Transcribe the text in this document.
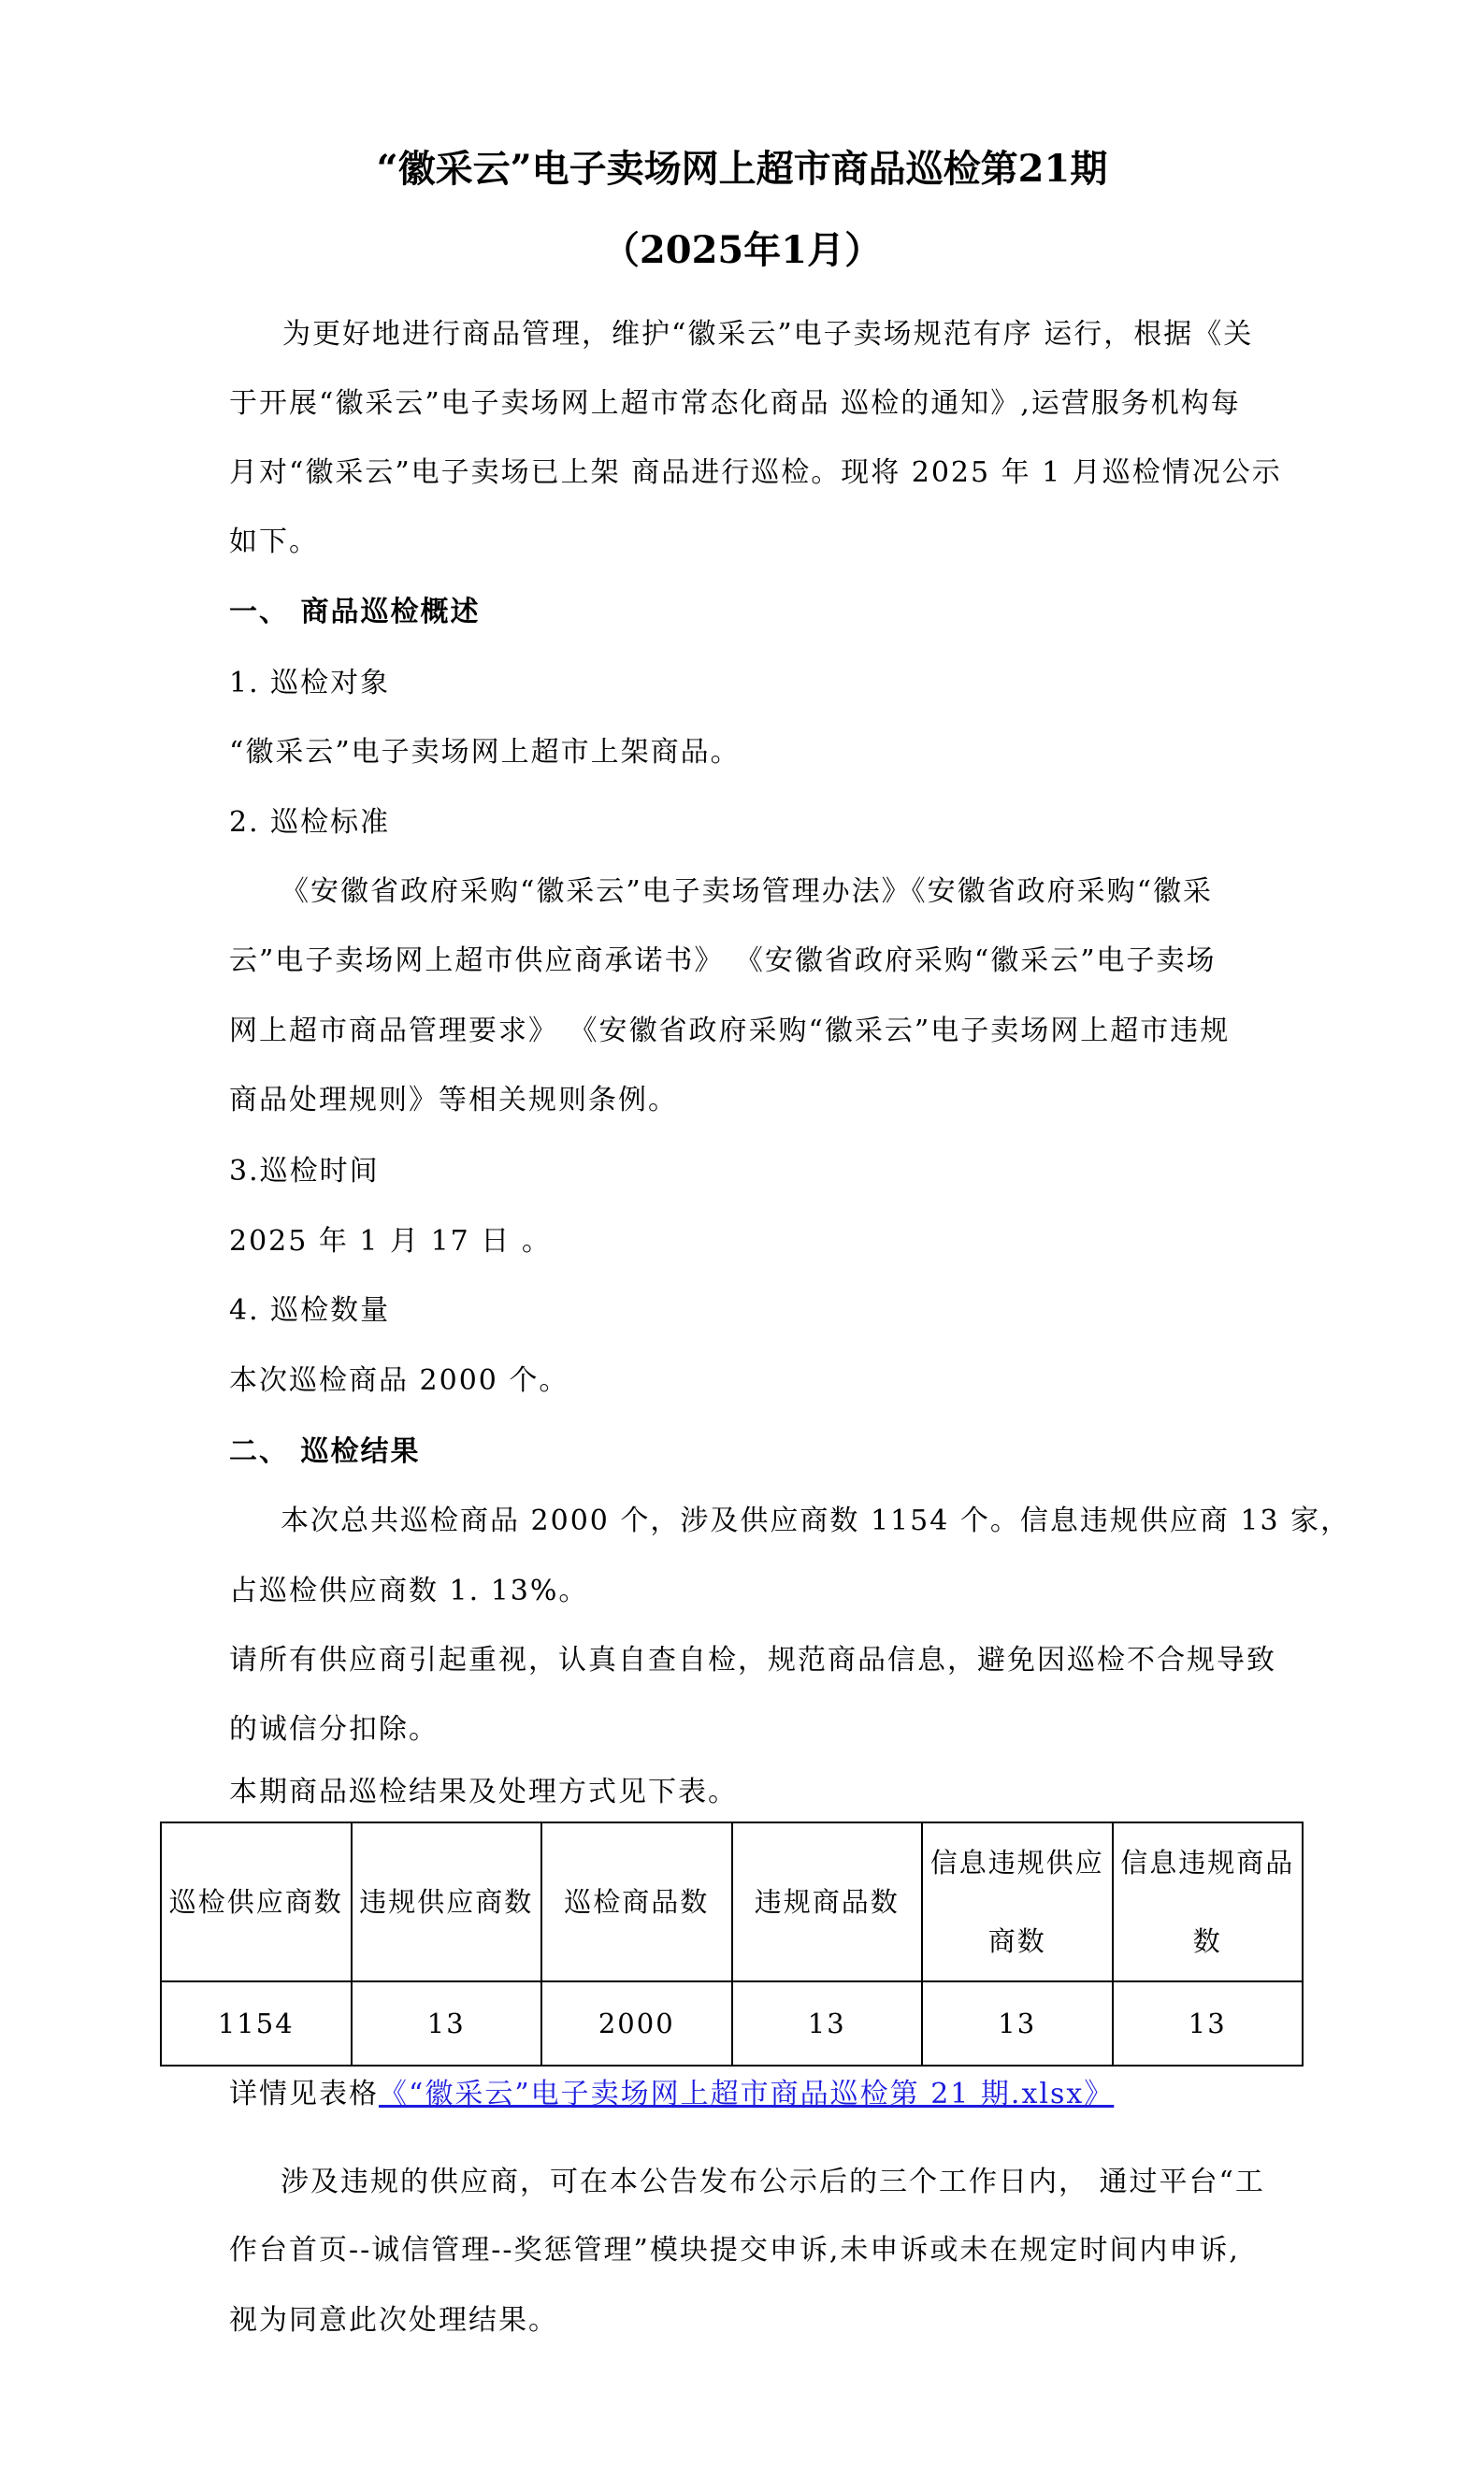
“徽采云”电子卖场网上超市商品巡检第21期
（2025年1月）
为更好地进行商品管理，维护“徽采云”电子卖场规范有序 运行，根据《关
于开展“徽采云”电子卖场网上超市常态化商品 巡检的通知》,运营服务机构每
月对“徽采云”电子卖场已上架 商品进行巡检。现将 2025 年 1 月巡检情况公示
如下。
一、 商品巡检概述
1. 巡检对象
“徽采云”电子卖场网上超市上架商品。
2. 巡检标准
《安徽省政府采购“徽采云”电子卖场管理办法》《安徽省政府采购“徽采
云”电子卖场网上超市供应商承诺书》 《安徽省政府采购“徽采云”电子卖场
网上超市商品管理要求》 《安徽省政府采购“徽采云”电子卖场网上超市违规
商品处理规则》等相关规则条例。
3.巡检时间
2025 年 1 月 17 日 。
4. 巡检数量
本次巡检商品 2000 个。
二、 巡检结果
本次总共巡检商品 2000 个，涉及供应商数 1154 个。信息违规供应商 13 家，
占巡检供应商数 1. 13%。
请所有供应商引起重视，认真自查自检，规范商品信息，避免因巡检不合规导致
的诚信分扣除。
本期商品巡检结果及处理方式见下表。
巡检供应商数	违规供应商数	巡检商品数	违规商品数	信息违规供应商数	信息违规商品数
1154	13	2000	13	13	13
详情见表格《“徽采云”电子卖场网上超市商品巡检第 21 期.xlsx》
涉及违规的供应商，可在本公告发布公示后的三个工作日内， 通过平台“工
作台首页--诚信管理--奖惩管理”模块提交申诉,未申诉或未在规定时间内申诉,
视为同意此次处理结果。
